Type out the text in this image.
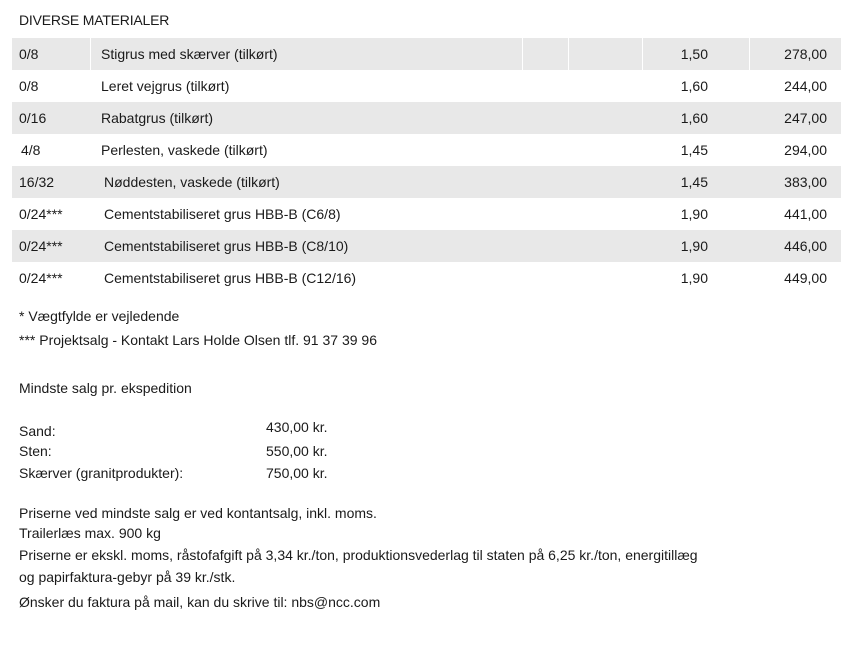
DIVERSE MATERIALER
0/8	Stigrus med skærver (tilkørt)	1,50	278,00
0/8	Leret vejgrus (tilkørt)	1,60	244,00
0/16	Rabatgrus (tilkørt)	1,60	247,00
4/8	Perlesten, vaskede (tilkørt)	1,45	294,00
16/32	Nøddesten, vaskede (tilkørt)	1,45	383,00
0/24***	Cementstabiliseret grus HBB-B (C6/8)	1,90	441,00
0/24***	Cementstabiliseret grus HBB-B (C8/10)	1,90	446,00
0/24***	Cementstabiliseret grus HBB-B (C12/16)	1,90	449,00
* Vægtfylde er vejledende
*** Projektsalg - Kontakt Lars Holde Olsen tlf. 91 37 39 96
Mindste salg pr. ekspedition
Sand:	430,00 kr.
Sten:	550,00 kr.
Skærver (granitprodukter):	750,00 kr.
Priserne ved mindste salg er ved kontantsalg, inkl. moms.
Trailerlæs max. 900 kg
Priserne er ekskl. moms, råstofafgift på 3,34 kr./ton, produktionsvederlag til staten på 6,25 kr./ton, energitillæg
og papirfaktura-gebyr på 39 kr./stk.
Ønsker du faktura på mail, kan du skrive til: nbs@ncc.com
